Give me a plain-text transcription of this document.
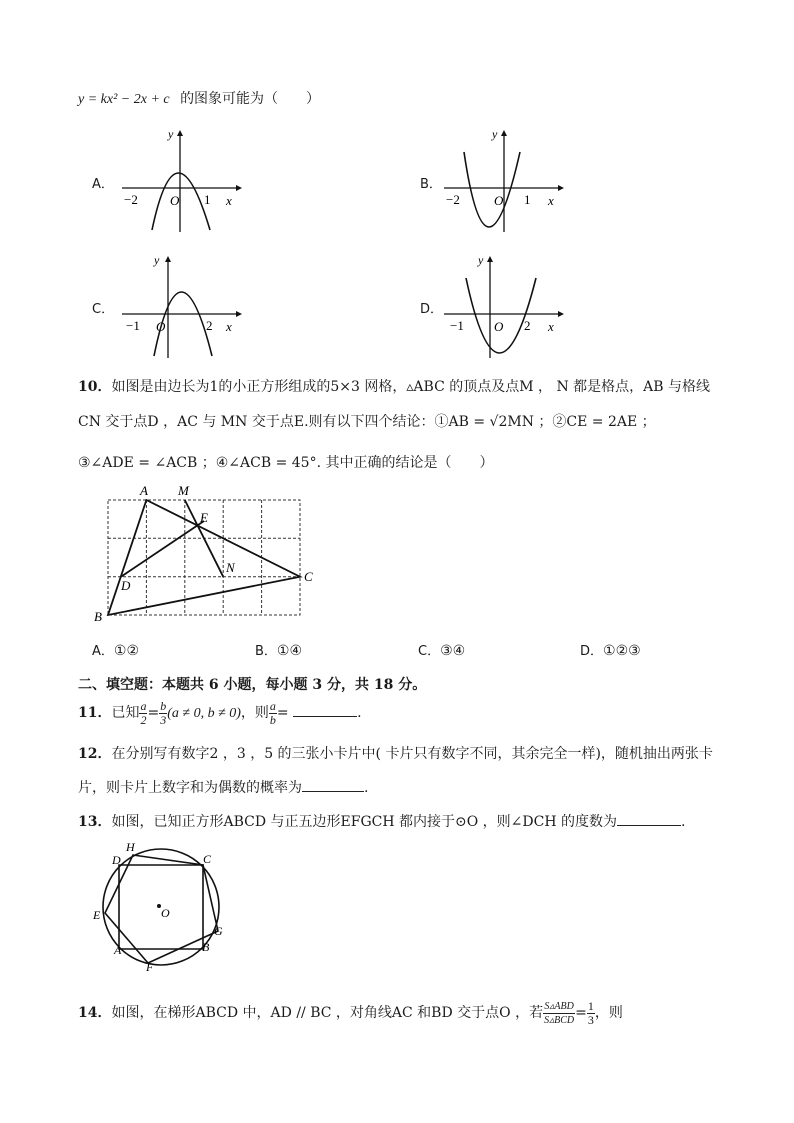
y = kx² − 2x + c 的图象可能为（　　）
A．
y
−2 O 1 x
B．
y
−2	O 1 x
C．
y
−1 O	2 x
D．
y
−1 O 2 x
10．如图是由边长为1的小正方形组成的5×3 网格，▵ABC 的顶点及点M ， N 都是格点，AB 与格线
CN 交于点D ，AC 与 MN 交于点E.则有以下四个结论：①AB = √2MN ；②CE = 2AE ；
③∠ADE = ∠ACB ；④∠ACB = 45°. 其中正确的结论是（　　）
A M
E
N
C
D
B
A．①②	B．①④	C．③④	D．①②③
二、填空题：本题共 6 小题，每小题 3 分，共 18 分。
11．已知 $\frac{a}{2} = \frac{b}{3} (a \ne 0$, b ≠ 0)，则 $\frac{a}{b}$ =	.
12．在分别写有数字2 ，3 ，5 的三张小卡片中( 卡片只有数字不同，其余完全一样)，随机抽出两张卡
片，则卡片上数字和为偶数的概率为	.
13．如图，已知正方形ABCD 与正五边形EFGCH 都内接于⊙O ，则∠DCH 的度数为	.
H
D	C
E	O
G
A	B
F
14．如图，在梯形ABCD 中，AD // BC ，对角线AC 和BD 交于点O ，若 $\frac{\text{S▵ABD}}{\text{S▵BCD}} = \frac{1}{3}$ ，则
